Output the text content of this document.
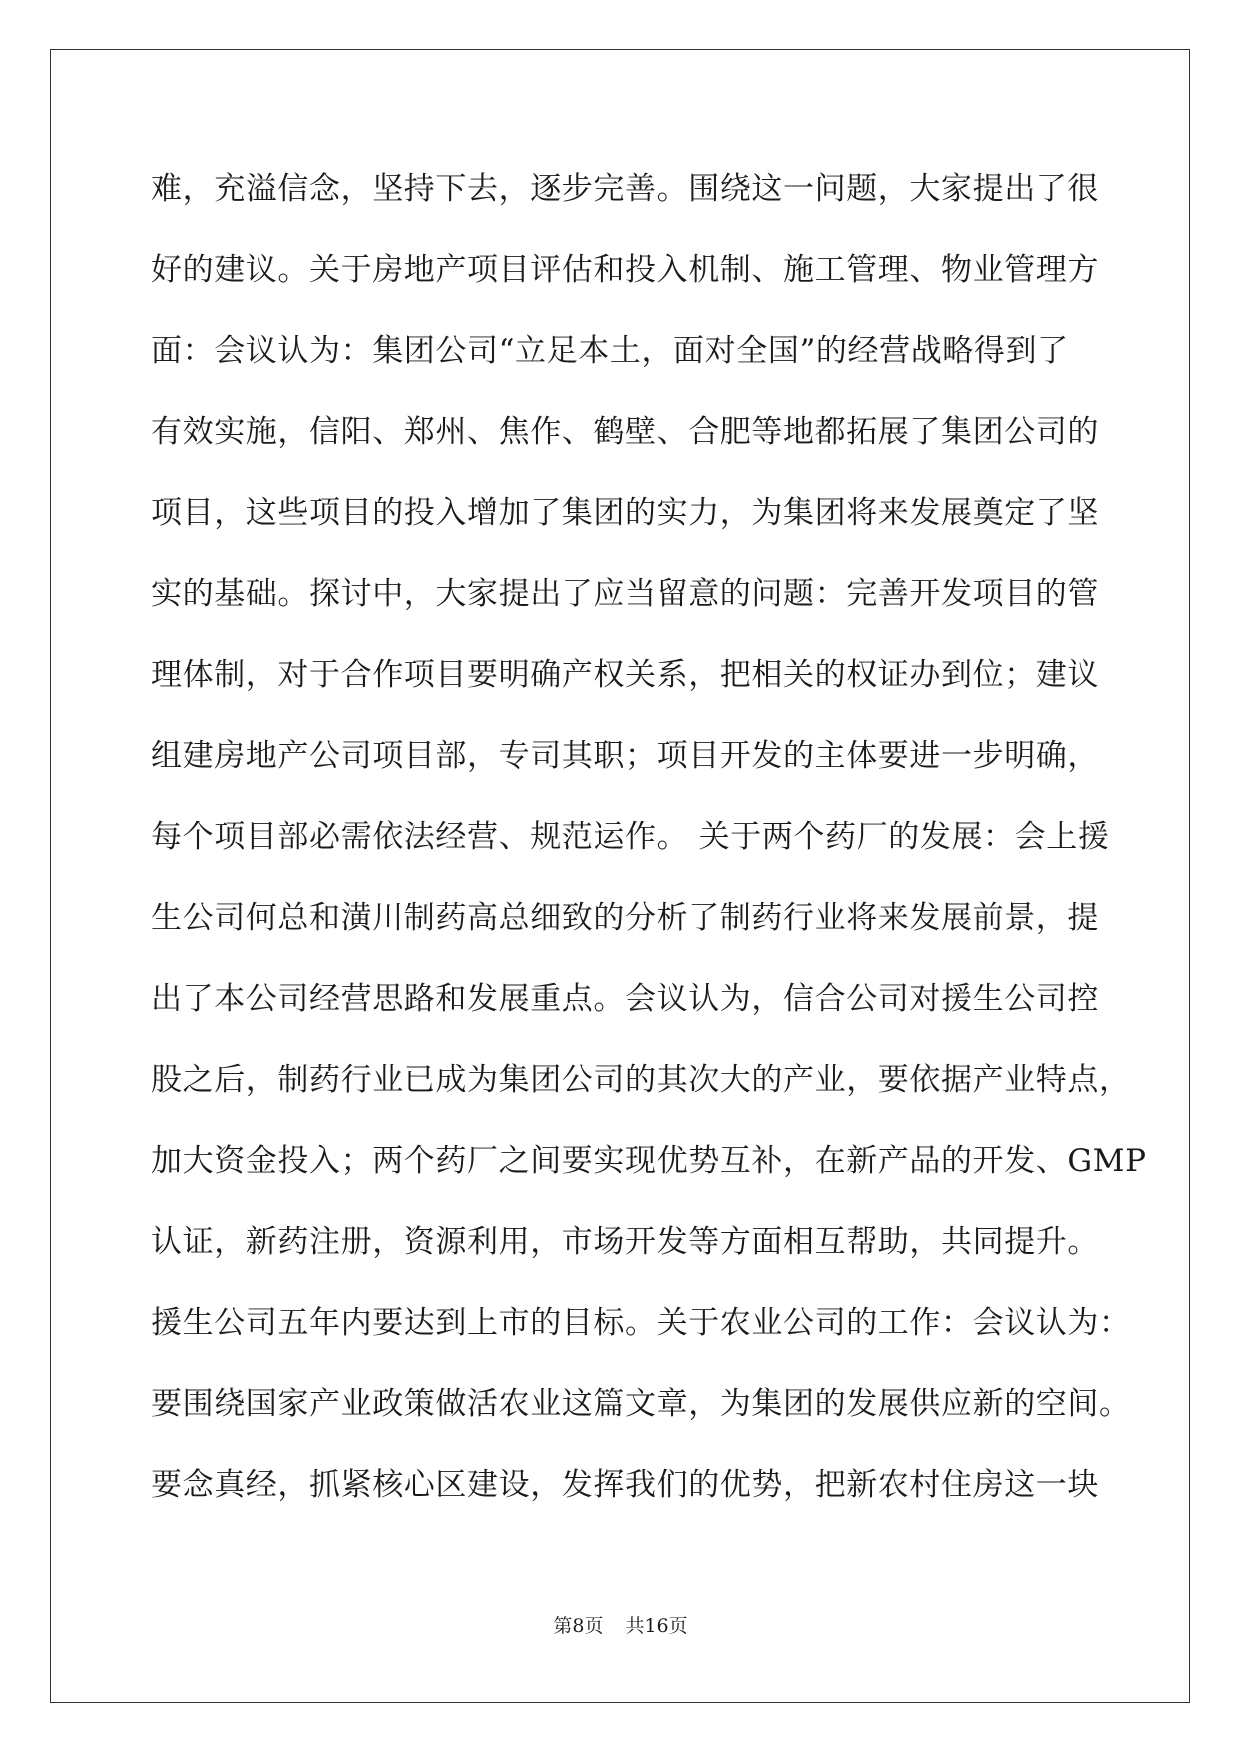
难，充溢信念，坚持下去，逐步完善。围绕这一问题，大家提出了很
好的建议。关于房地产项目评估和投入机制、施工管理、物业管理方
面：会议认为：集团公司“立足本土，面对全国”的经营战略得到了
有效实施，信阳、郑州、焦作、鹤壁、合肥等地都拓展了集团公司的
项目，这些项目的投入增加了集团的实力，为集团将来发展奠定了坚
实的基础。探讨中，大家提出了应当留意的问题：完善开发项目的管
理体制，对于合作项目要明确产权关系，把相关的权证办到位；建议
组建房地产公司项目部，专司其职；项目开发的主体要进一步明确，
每个项目部必需依法经营、规范运作。 关于两个药厂的发展：会上援
生公司何总和潢川制药高总细致的分析了制药行业将来发展前景，提
出了本公司经营思路和发展重点。会议认为，信合公司对援生公司控
股之后，制药行业已成为集团公司的其次大的产业，要依据产业特点，
加大资金投入；两个药厂之间要实现优势互补，在新产品的开发、GMP
认证，新药注册，资源利用，市场开发等方面相互帮助，共同提升。
援生公司五年内要达到上市的目标。关于农业公司的工作：会议认为：
要围绕国家产业政策做活农业这篇文章，为集团的发展供应新的空间。
要念真经，抓紧核心区建设，发挥我们的优势，把新农村住房这一块
第8页 共16页
